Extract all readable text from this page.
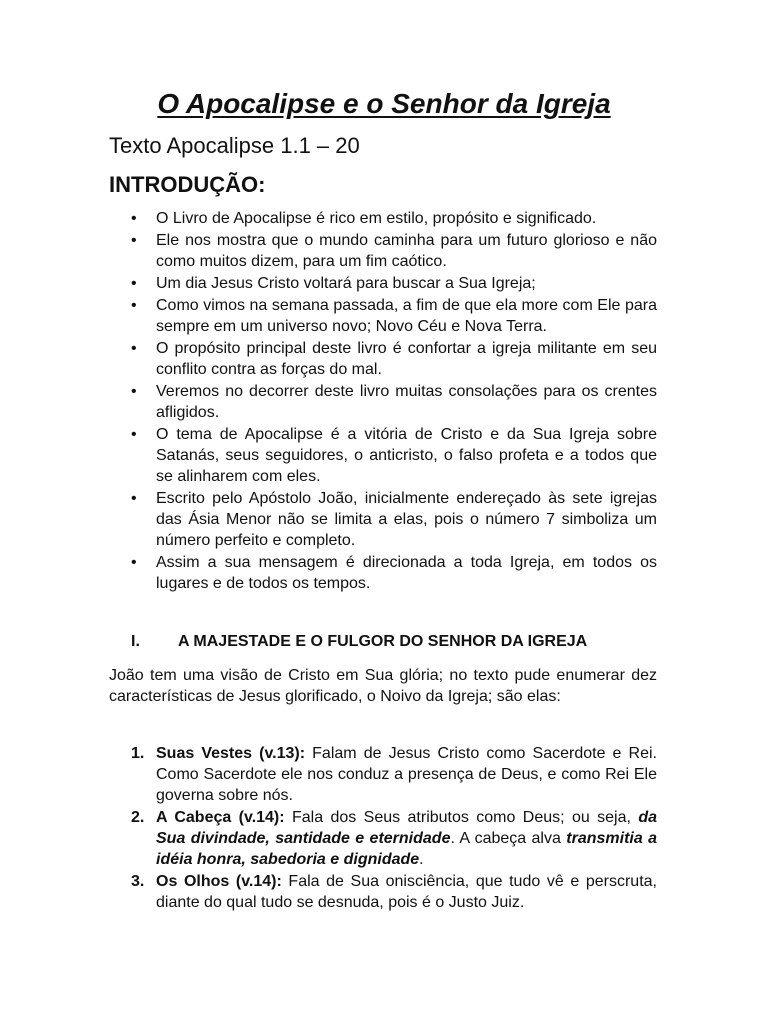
O Apocalipse e o Senhor da Igreja

Texto Apocalipse 1.1 – 20

INTRODUÇÃO:

• O Livro de Apocalipse é rico em estilo, propósito e significado.
• Ele nos mostra que o mundo caminha para um futuro glorioso e não como muitos dizem, para um fim caótico.
• Um dia Jesus Cristo voltará para buscar a Sua Igreja;
• Como vimos na semana passada, a fim de que ela more com Ele para sempre em um universo novo; Novo Céu e Nova Terra.
• O propósito principal deste livro é confortar a igreja militante em seu conflito contra as forças do mal.
• Veremos no decorrer deste livro muitas consolações para os crentes afligidos.
• O tema de Apocalipse é a vitória de Cristo e da Sua Igreja sobre Satanás, seus seguidores, o anticristo, o falso profeta e a todos que se alinharem com eles.
• Escrito pelo Apóstolo João, inicialmente endereçado às sete igrejas das Ásia Menor não se limita a elas, pois o número 7 simboliza um número perfeito e completo.
• Assim a sua mensagem é direcionada a toda Igreja, em todos os lugares e de todos os tempos.

I. A MAJESTADE E O FULGOR DO SENHOR DA IGREJA

João tem uma visão de Cristo em Sua glória; no texto pude enumerar dez características de Jesus glorificado, o Noivo da Igreja; são elas:

1. Suas Vestes (v.13): Falam de Jesus Cristo como Sacerdote e Rei. Como Sacerdote ele nos conduz a presença de Deus, e como Rei Ele governa sobre nós.
2. A Cabeça (v.14): Fala dos Seus atributos como Deus; ou seja, da Sua divindade, santidade e eternidade. A cabeça alva transmitia a idéia honra, sabedoria e dignidade.
3. Os Olhos (v.14): Fala de Sua onisciência, que tudo vê e perscruta, diante do qual tudo se desnuda, pois é o Justo Juiz.
